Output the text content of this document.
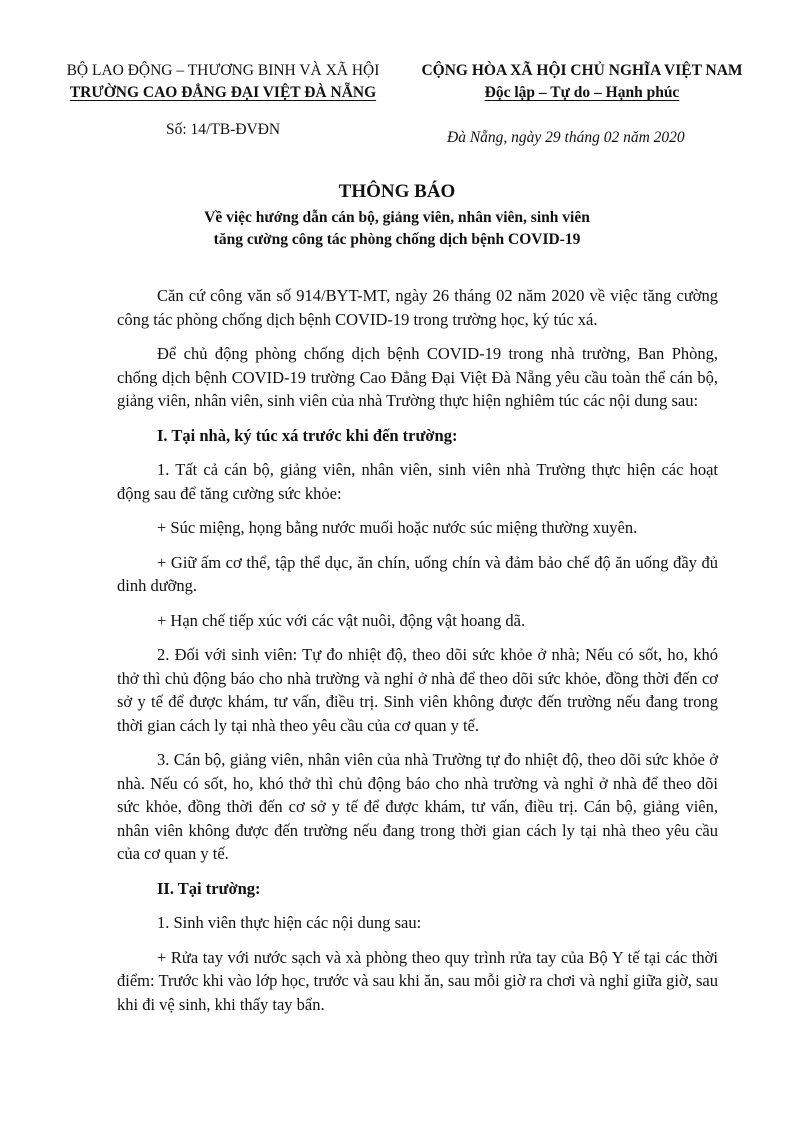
BỘ LAO ĐỘNG – THƯƠNG BINH VÀ XÃ HỘI
TRƯỜNG CAO ĐẲNG ĐẠI VIỆT ĐÀ NẴNG
CỘNG HÒA XÃ HỘI CHỦ NGHĨA VIỆT NAM
Độc lập – Tự do – Hạnh phúc
Số: 14/TB-ĐVĐN	Đà Nẵng, ngày 29 tháng 02 năm 2020
THÔNG BÁO
Về việc hướng dẫn cán bộ, giảng viên, nhân viên, sinh viên
tăng cường công tác phòng chống dịch bệnh COVID-19

Căn cứ công văn số 914/BYT-MT, ngày 26 tháng 02 năm 2020 về việc tăng cường công tác phòng chống dịch bệnh COVID-19 trong trường học, ký túc xá.

Để chủ động phòng chống dịch bệnh COVID-19 trong nhà trường, Ban Phòng, chống dịch bệnh COVID-19 trường Cao Đẳng Đại Việt Đà Nẵng yêu cầu toàn thể cán bộ, giảng viên, nhân viên, sinh viên của nhà Trường thực hiện nghiêm túc các nội dung sau:

I. Tại nhà, ký túc xá trước khi đến trường:

1. Tất cả cán bộ, giảng viên, nhân viên, sinh viên nhà Trường thực hiện các hoạt động sau để tăng cường sức khỏe:

+ Súc miệng, họng bằng nước muối hoặc nước súc miệng thường xuyên.

+ Giữ ấm cơ thể, tập thể dục, ăn chín, uống chín và đảm bảo chế độ ăn uống đầy đủ dinh dưỡng.

+ Hạn chế tiếp xúc với các vật nuôi, động vật hoang dã.

2. Đối với sinh viên: Tự đo nhiệt độ, theo dõi sức khỏe ở nhà; Nếu có sốt, ho, khó thở thì chủ động báo cho nhà trường và nghỉ ở nhà để theo dõi sức khỏe, đồng thời đến cơ sở y tế để được khám, tư vấn, điều trị. Sinh viên không được đến trường nếu đang trong thời gian cách ly tại nhà theo yêu cầu của cơ quan y tế.

3. Cán bộ, giảng viên, nhân viên của nhà Trường tự đo nhiệt độ, theo dõi sức khỏe ở nhà. Nếu có sốt, ho, khó thở thì chủ động báo cho nhà trường và nghỉ ở nhà để theo dõi sức khỏe, đồng thời đến cơ sở y tế để được khám, tư vấn, điều trị. Cán bộ, giảng viên, nhân viên không được đến trường nếu đang trong thời gian cách ly tại nhà theo yêu cầu của cơ quan y tế.

II. Tại trường:

1. Sinh viên thực hiện các nội dung sau:

+ Rửa tay với nước sạch và xà phòng theo quy trình rửa tay của Bộ Y tế tại các thời điểm: Trước khi vào lớp học, trước và sau khi ăn, sau mỗi giờ ra chơi và nghỉ giữa giờ, sau khi đi vệ sinh, khi thấy tay bẩn.
